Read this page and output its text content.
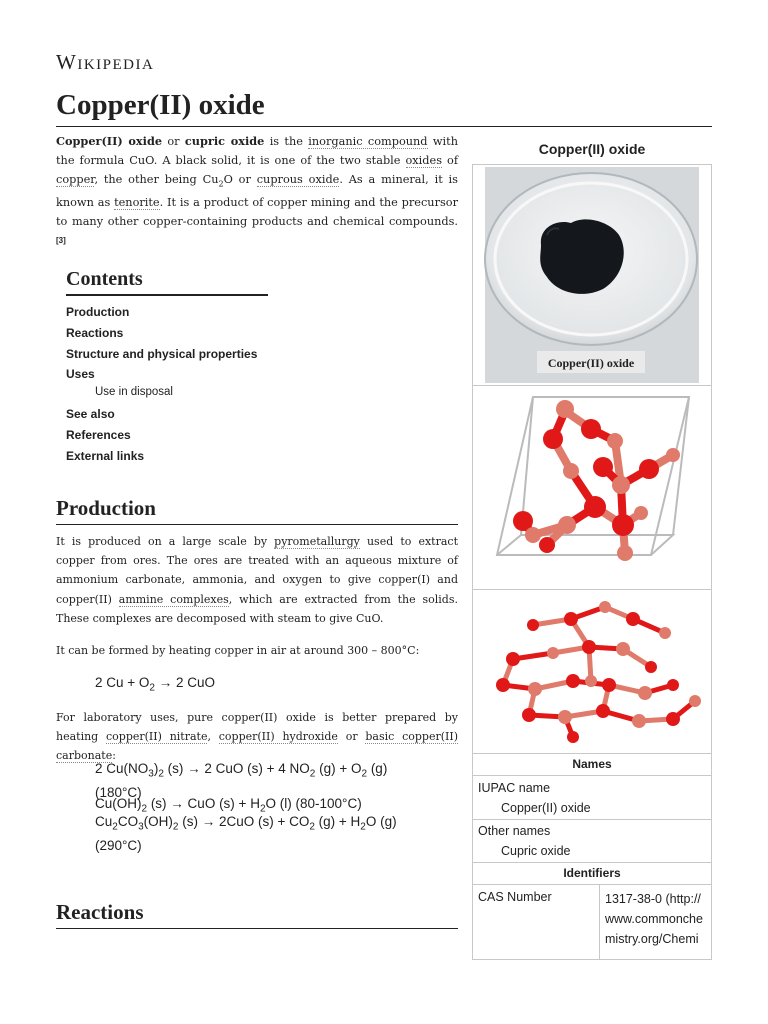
Wikipedia
Copper(II) oxide

Copper(II) oxide or cupric oxide is the inorganic compound with the formula CuO. A black solid, it is one of the two stable oxides of copper, the other being $Cu_2O$ or cuprous oxide. As a mineral, it is known as tenorite. It is a product of copper mining and the precursor to many other copper-containing products and chemical compounds.[3]

Contents
Production
Reactions
Structure and physical properties
Uses
Use in disposal
See also
References
External links
Production
It is produced on a large scale by pyrometallurgy used to extract copper from ores. The ores are treated with an aqueous mixture of ammonium carbonate, ammonia, and oxygen to give copper(I) and copper(II) ammine complexes, which are extracted from the solids. These complexes are decomposed with steam to give CuO.
It can be formed by heating copper in air at around 300 – 800°C:
2 $Cu + O_2 \to 2$ CuO
For laboratory uses, pure copper(II) oxide is better prepared by heating copper(II) nitrate, copper(II) hydroxide or basic copper(II) carbonate:
2 $Cu(NO_3)_2$ (s) → 2 CuO (s) + 4 $NO_2$ $(g) + O_2$ (g)
(180°C)
$Cu(OH)_2$ (s) → CuO $(s) + H_2O$ (l) (80-100°C)
$Cu_2CO_3(OH)_2$ (s) → 2CuO $(s) + CO_2$ $(g) + H_2O$ (g)
(290°C)
Reactions
Copper(II) oxide
Copper(II) oxide
Names
IUPAC name
Copper(II) oxide
Other names
Cupric oxide
Identifiers
CAS Number	1317-38-0 (http://www.commonchemistry.org/Chemi
